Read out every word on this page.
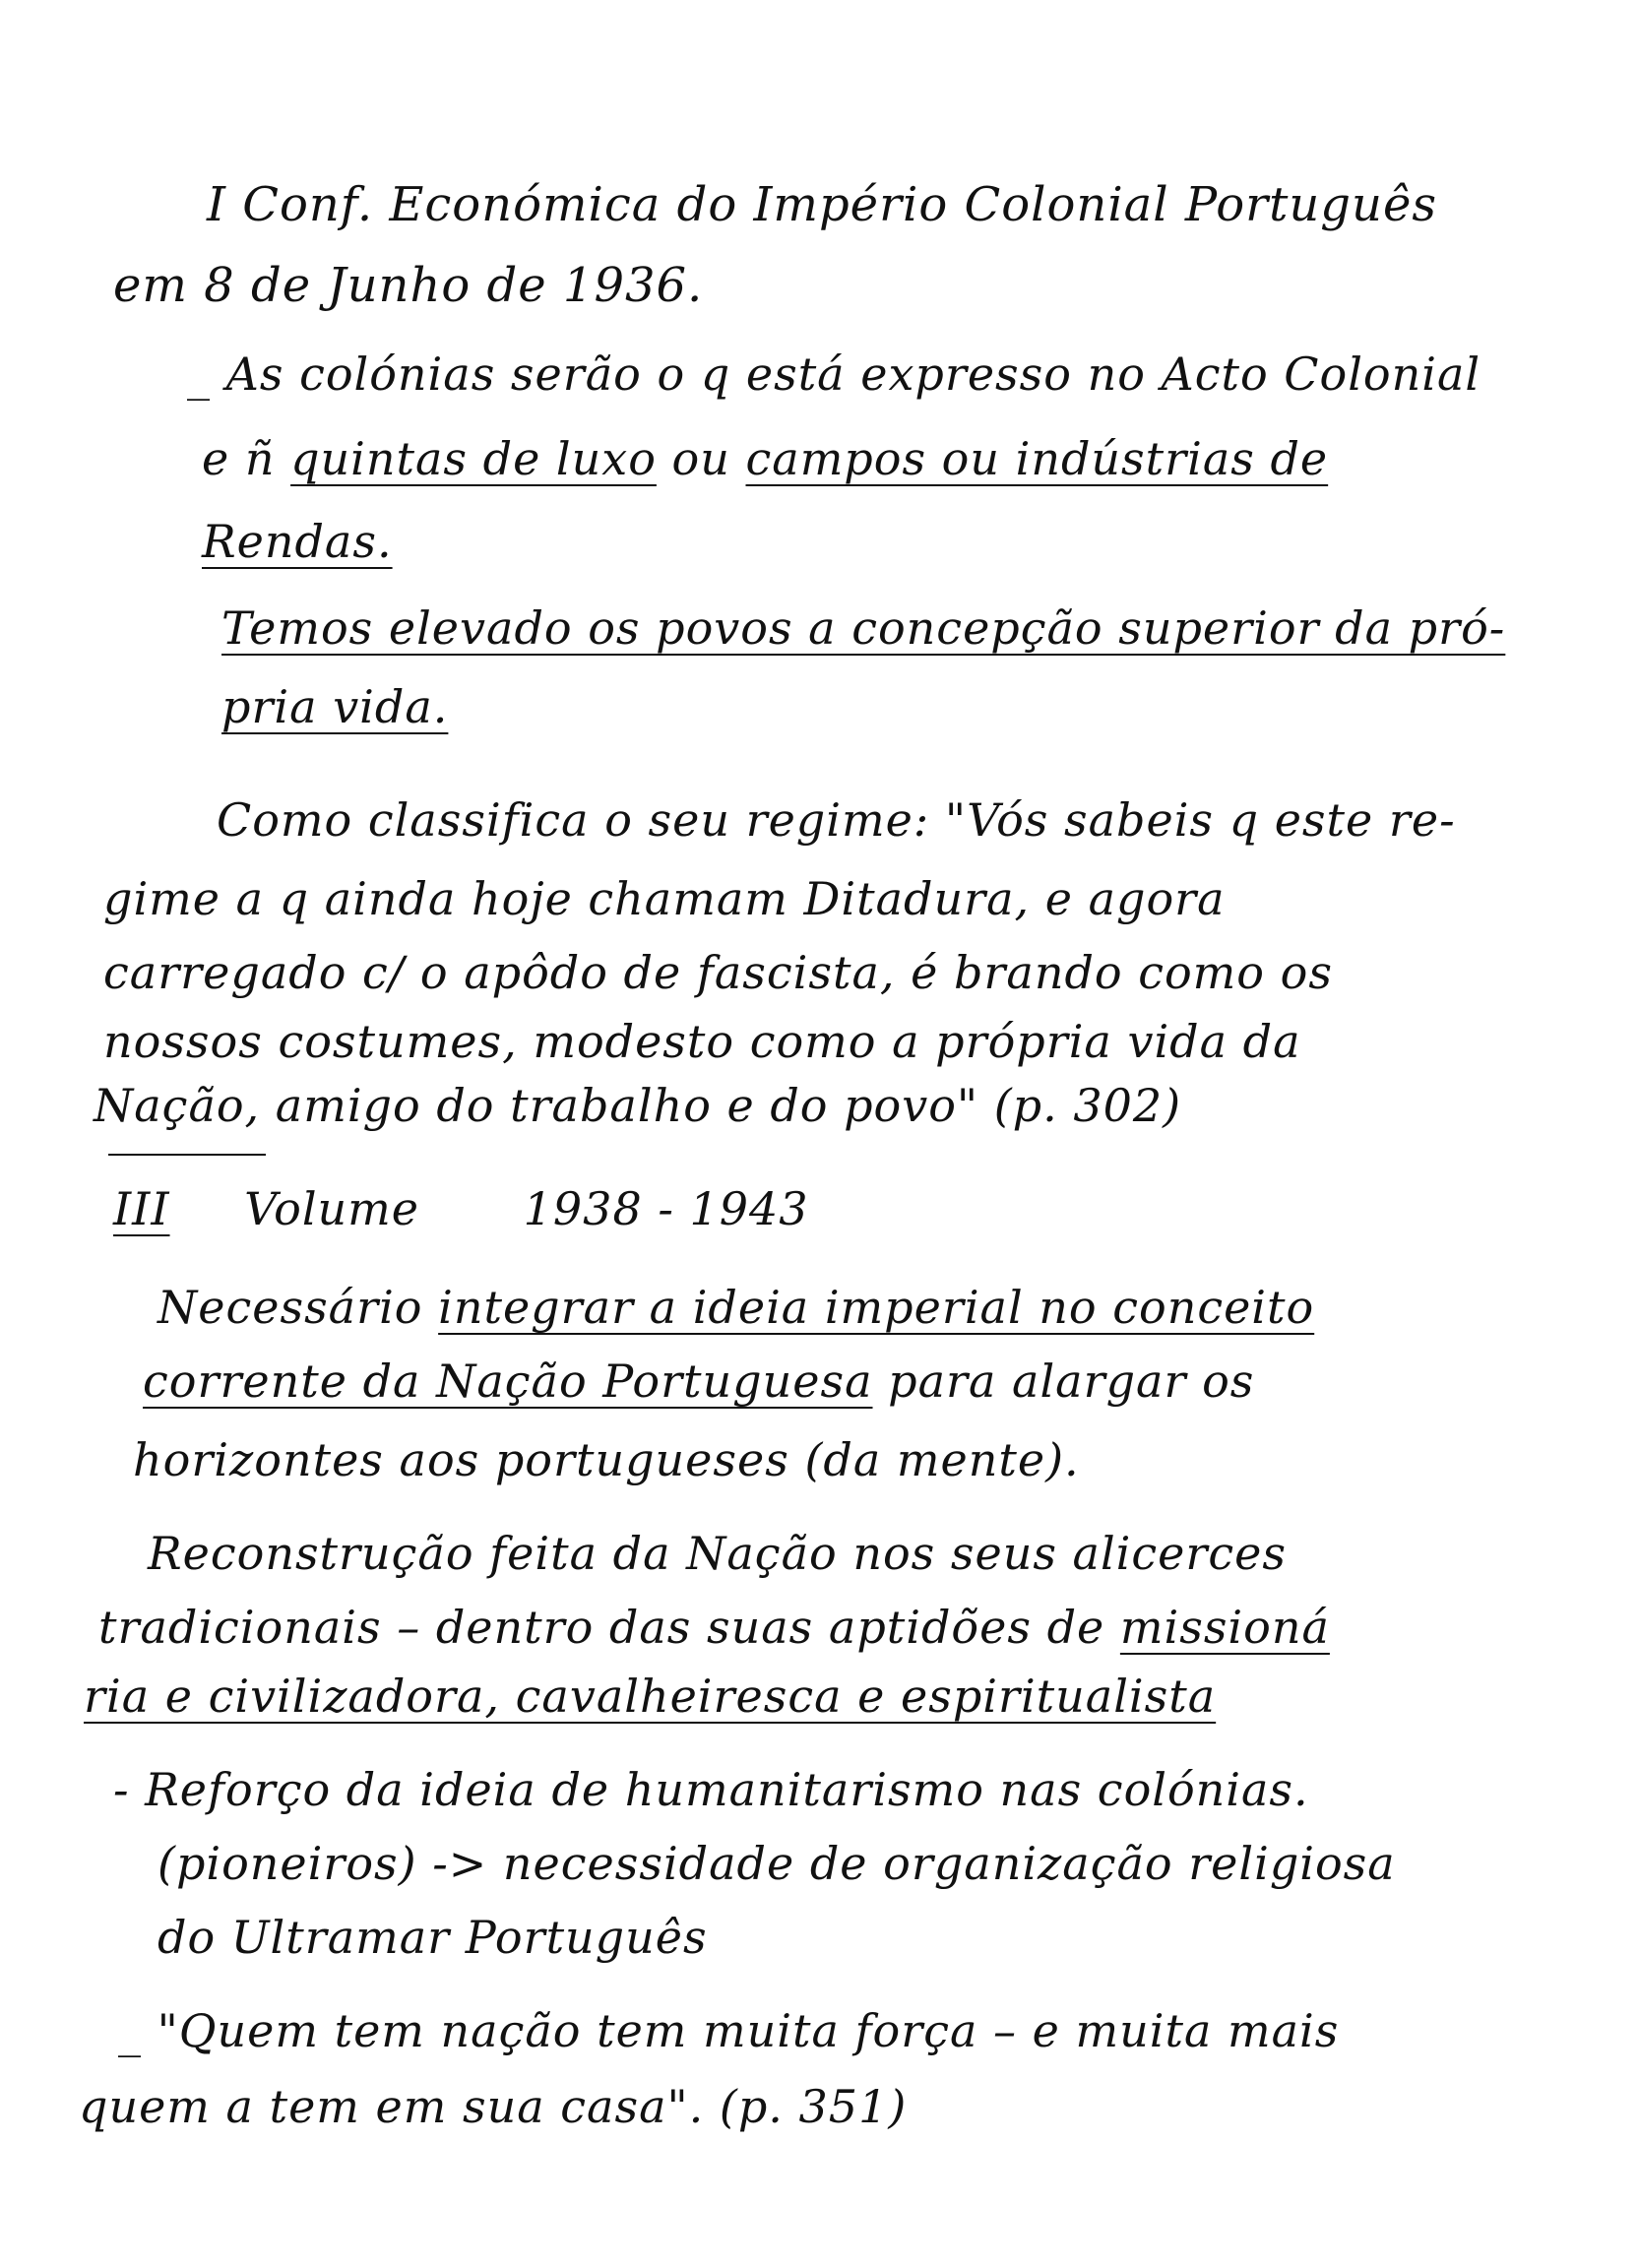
I Conf. Económica do Império Colonial Português
em 8 de Junho de 1936.
_ As colónias serão o q está expresso no Acto Colonial
e ñ quintas de luxo ou campos ou indústrias de
Rendas.
Temos elevado os povos a concepção superior da pró-
pria vida.
Como classifica o seu regime: "Vós sabeis q este re-
gime a q ainda hoje chamam Ditadura, e agora
carregado c/ o apôdo de fascista, é brando como os
nossos costumes, modesto como a própria vida da
Nação, amigo do trabalho e do povo" (p. 302)
III Volume 1938 - 1943
Necessário integrar a ideia imperial no conceito
corrente da Nação Portuguesa para alargar os
horizontes aos portugueses (da mente).
Reconstrução feita da Nação nos seus alicerces
tradicionais – dentro das suas aptidões de missioná
ria e civilizadora, cavalheiresca e espiritualista
- Reforço da ideia de humanitarismo nas colónias.
(pioneiros) -> necessidade de organização religiosa
do Ultramar Português
_ "Quem tem nação tem muita força – e muita mais
quem a tem em sua casa". (p. 351)
